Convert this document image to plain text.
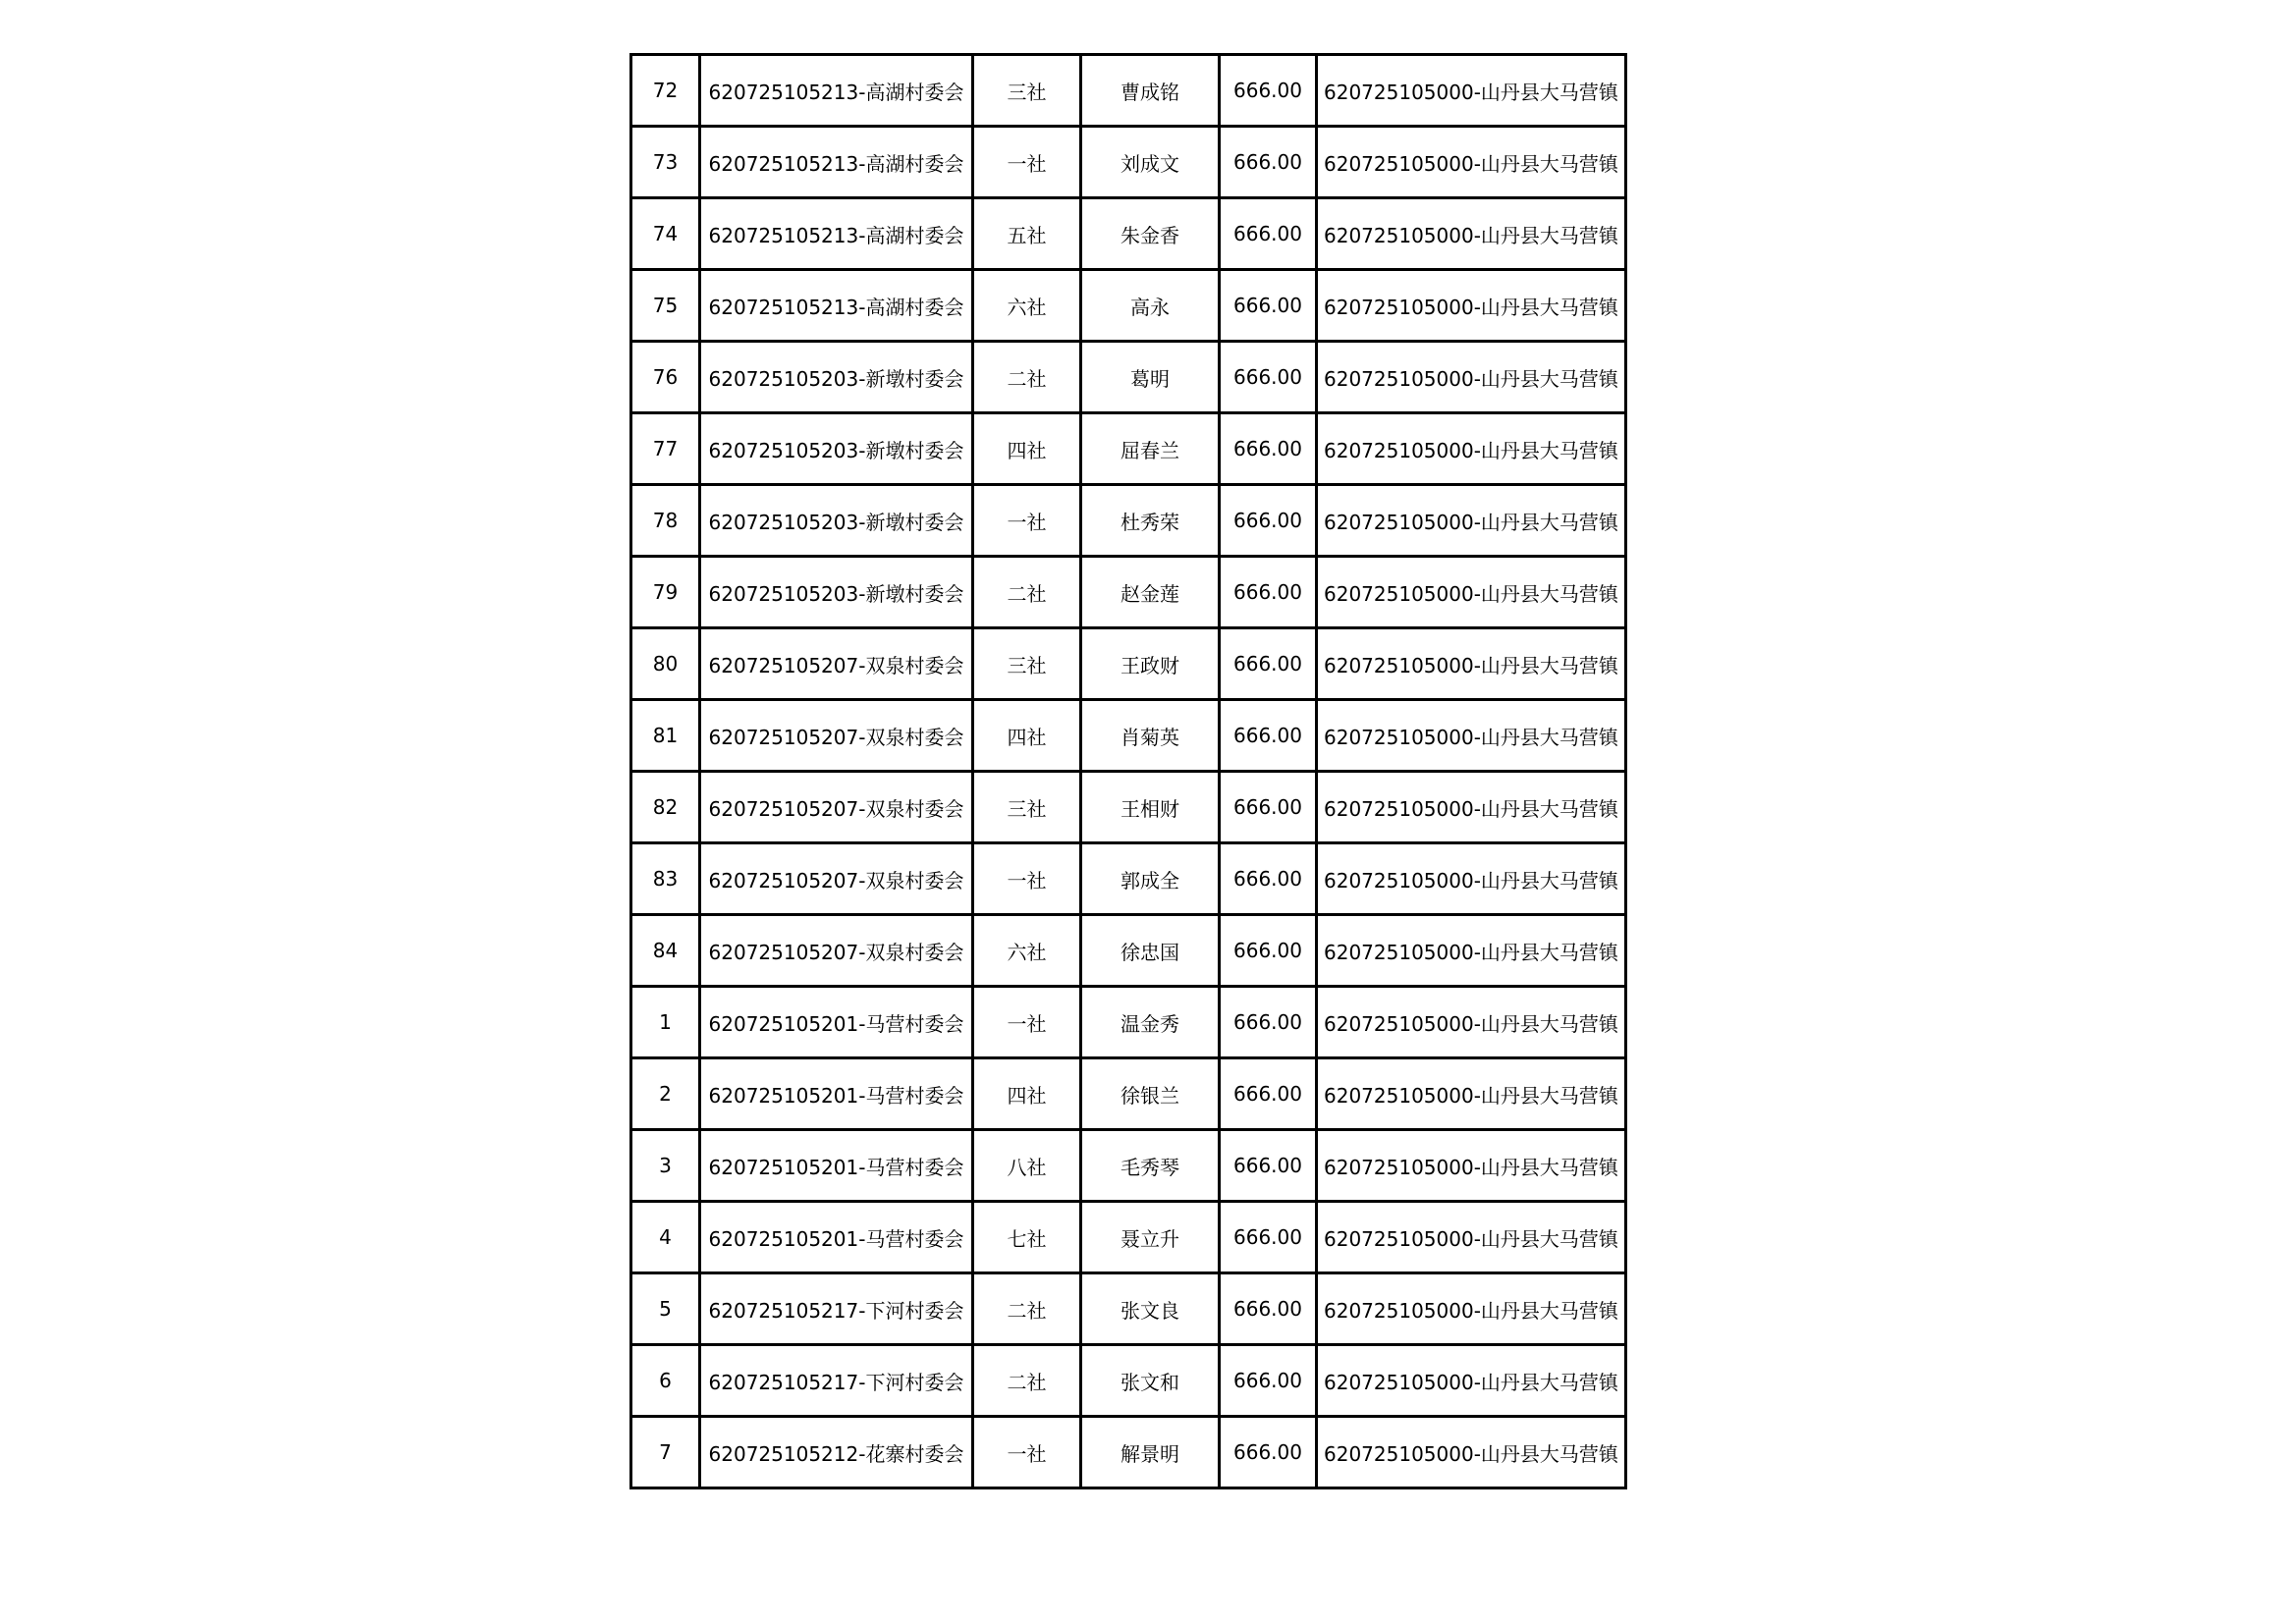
72	620725105213-高湖村委会	三社	曹成铭	666.00	620725105000-山丹县大马营镇
73	620725105213-高湖村委会	一社	刘成文	666.00	620725105000-山丹县大马营镇
74	620725105213-高湖村委会	五社	朱金香	666.00	620725105000-山丹县大马营镇
75	620725105213-高湖村委会	六社	高永	666.00	620725105000-山丹县大马营镇
76	620725105203-新墩村委会	二社	葛明	666.00	620725105000-山丹县大马营镇
77	620725105203-新墩村委会	四社	屈春兰	666.00	620725105000-山丹县大马营镇
78	620725105203-新墩村委会	一社	杜秀荣	666.00	620725105000-山丹县大马营镇
79	620725105203-新墩村委会	二社	赵金莲	666.00	620725105000-山丹县大马营镇
80	620725105207-双泉村委会	三社	王政财	666.00	620725105000-山丹县大马营镇
81	620725105207-双泉村委会	四社	肖菊英	666.00	620725105000-山丹县大马营镇
82	620725105207-双泉村委会	三社	王相财	666.00	620725105000-山丹县大马营镇
83	620725105207-双泉村委会	一社	郭成全	666.00	620725105000-山丹县大马营镇
84	620725105207-双泉村委会	六社	徐忠国	666.00	620725105000-山丹县大马营镇
1	620725105201-马营村委会	一社	温金秀	666.00	620725105000-山丹县大马营镇
2	620725105201-马营村委会	四社	徐银兰	666.00	620725105000-山丹县大马营镇
3	620725105201-马营村委会	八社	毛秀琴	666.00	620725105000-山丹县大马营镇
4	620725105201-马营村委会	七社	聂立升	666.00	620725105000-山丹县大马营镇
5	620725105217-下河村委会	二社	张文良	666.00	620725105000-山丹县大马营镇
6	620725105217-下河村委会	二社	张文和	666.00	620725105000-山丹县大马营镇
7	620725105212-花寨村委会	一社	解景明	666.00	620725105000-山丹县大马营镇
